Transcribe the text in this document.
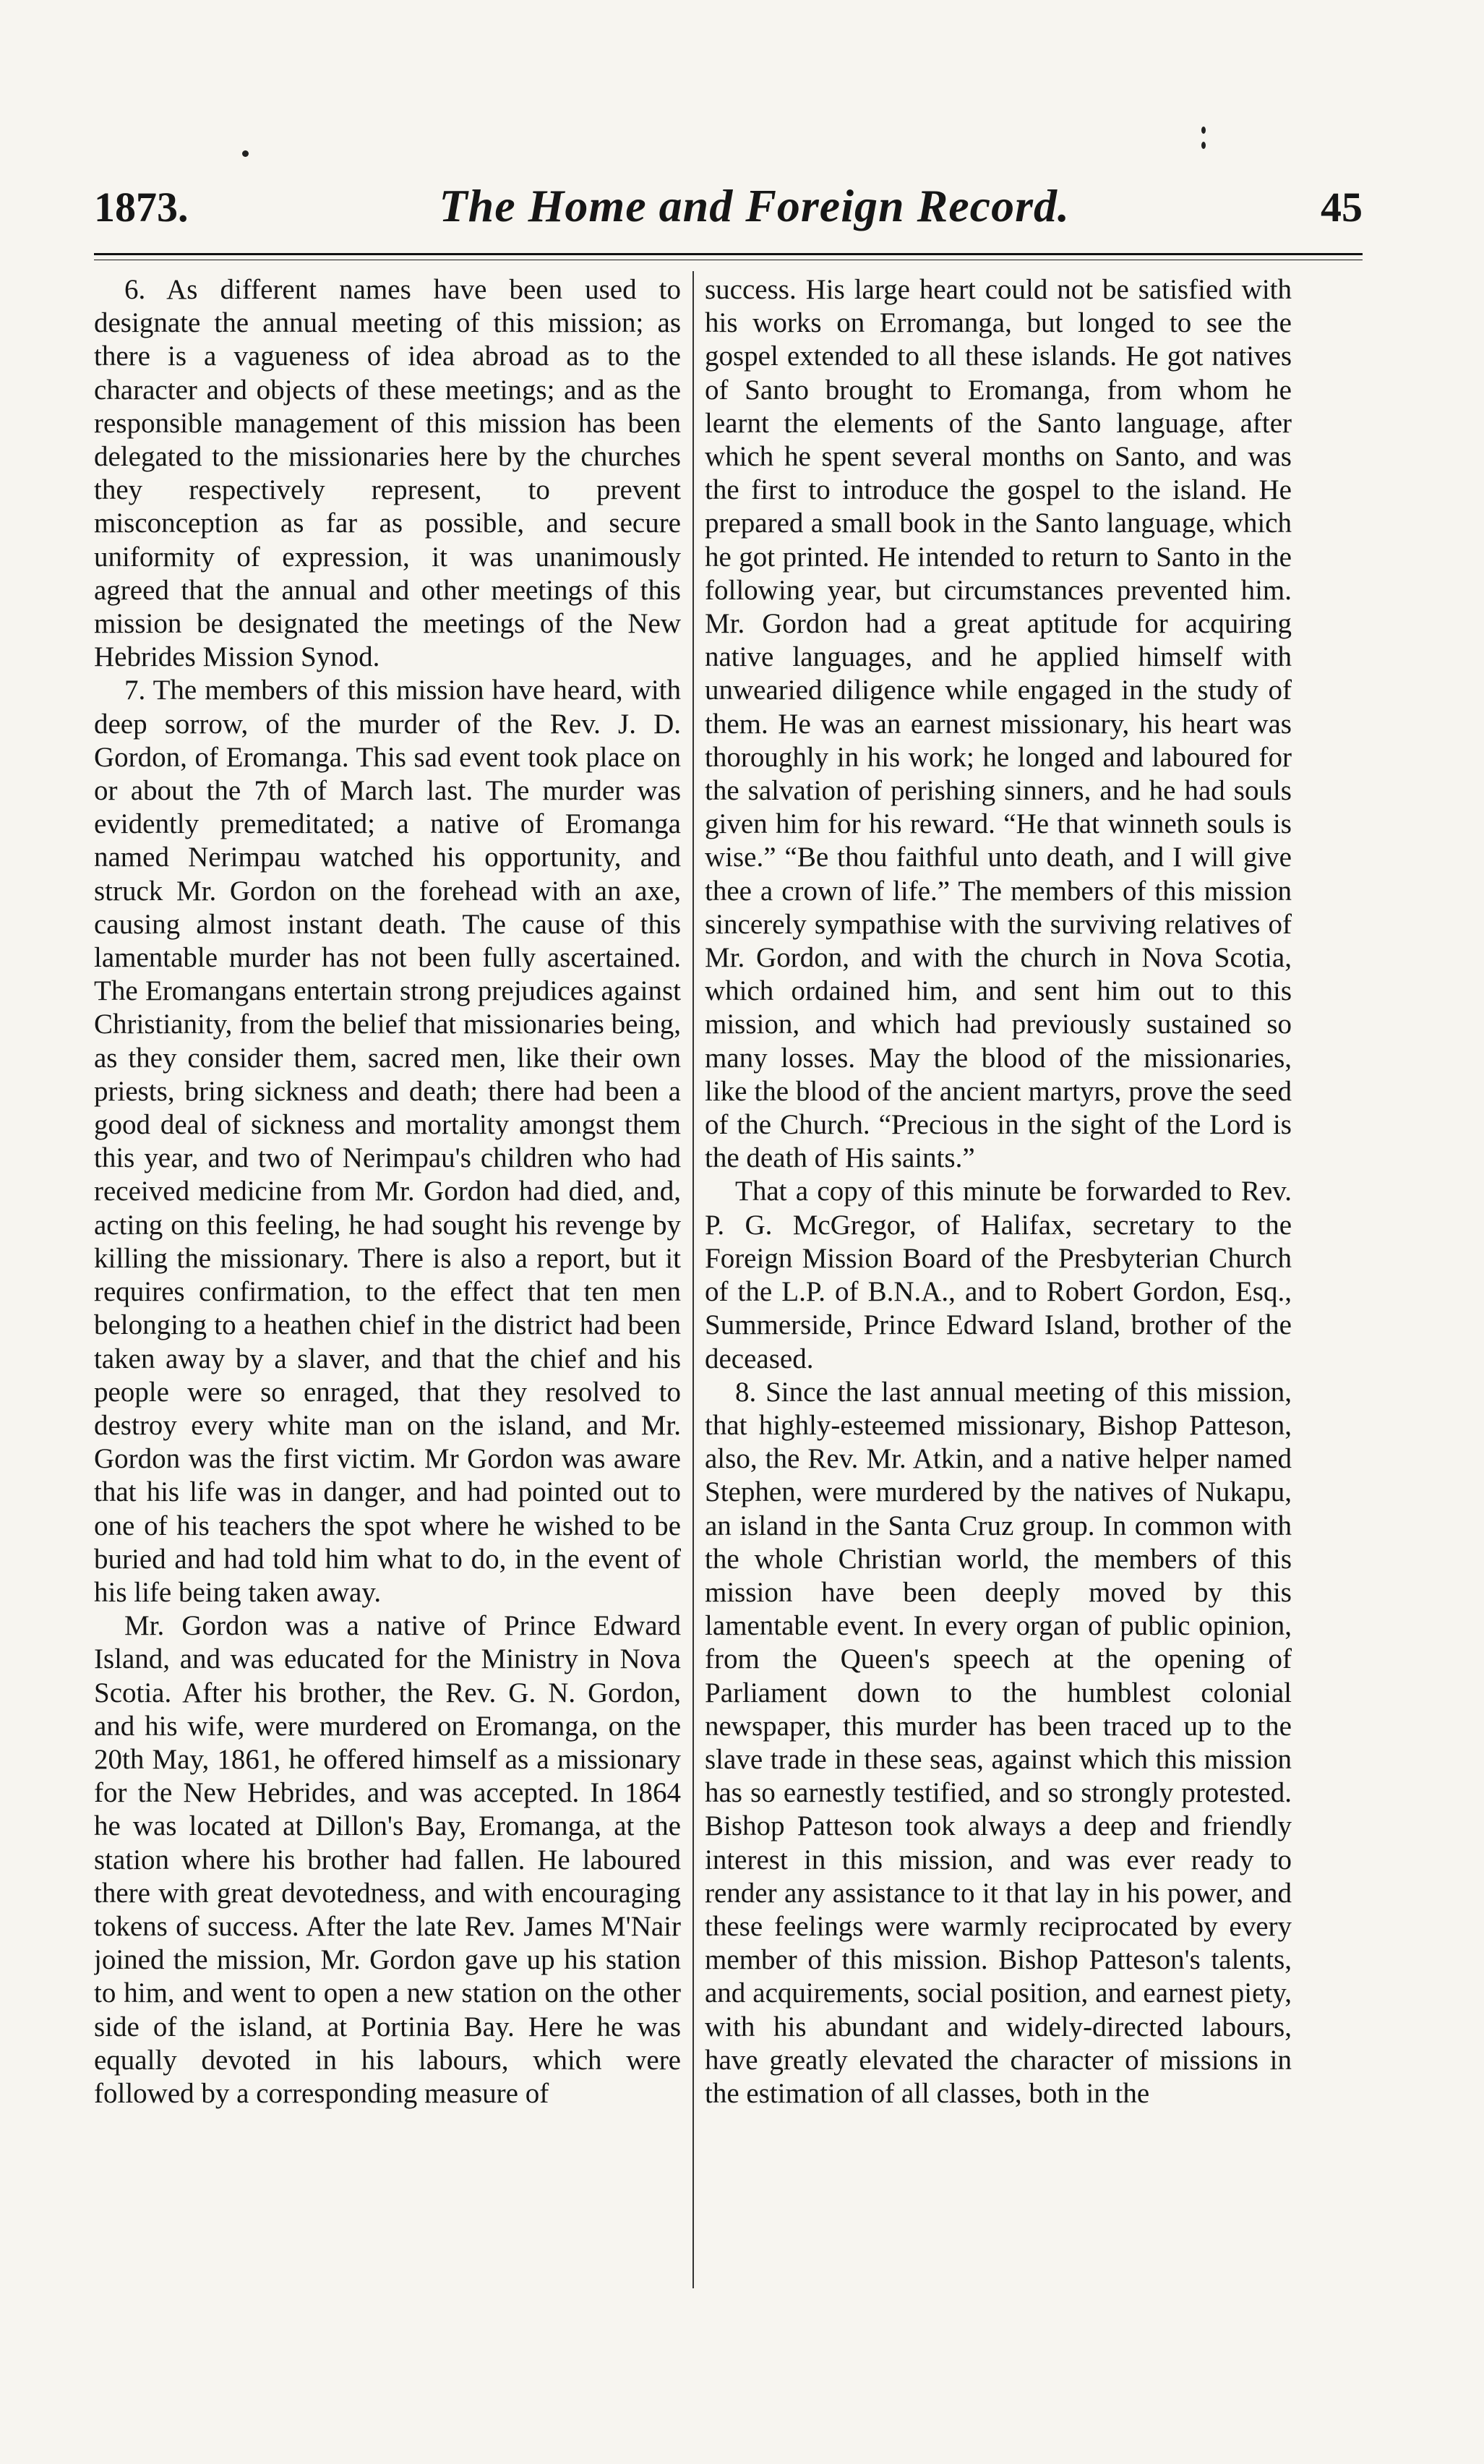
1873.	The Home and Foreign Record.	45

6. As different names have been used to designate the annual meeting of this mission; as there is a vagueness of idea abroad as to the character and objects of these meetings; and as the responsible management of this mission has been delegated to the missionaries here by the churches they respectively represent, to prevent misconception as far as possible, and secure uniformity of expression, it was unanimously agreed that the annual and other meetings of this mission be designated the meetings of the New Hebrides Mission Synod.

7. The members of this mission have heard, with deep sorrow, of the murder of the Rev. J. D. Gordon, of Eromanga. This sad event took place on or about the 7th of March last. The murder was evidently premeditated; a native of Eromanga named Nerimpau watched his opportunity, and struck Mr. Gordon on the forehead with an axe, causing almost instant death. The cause of this lamentable murder has not been fully ascertained. The Eromangans entertain strong prejudices against Christianity, from the belief that missionaries being, as they consider them, sacred men, like their own priests, bring sickness and death; there had been a good deal of sickness and mortality amongst them this year, and two of Nerimpau's children who had received medicine from Mr. Gordon had died, and, acting on this feeling, he had sought his revenge by killing the missionary. There is also a report, but it requires confirmation, to the effect that ten men belonging to a heathen chief in the district had been taken away by a slaver, and that the chief and his people were so enraged, that they resolved to destroy every white man on the island, and Mr. Gordon was the first victim. Mr Gordon was aware that his life was in danger, and had pointed out to one of his teachers the spot where he wished to be buried and had told him what to do, in the event of his life being taken away.

Mr. Gordon was a native of Prince Edward Island, and was educated for the Ministry in Nova Scotia. After his brother, the Rev. G. N. Gordon, and his wife, were murdered on Eromanga, on the 20th May, 1861, he offered himself as a missionary for the New Hebrides, and was accepted. In 1864 he was located at Dillon's Bay, Eromanga, at the station where his brother had fallen. He laboured there with great devotedness, and with encouraging tokens of success. After the late Rev. James M'Nair joined the mission, Mr. Gordon gave up his station to him, and went to open a new station on the other side of the island, at Portinia Bay. Here he was equally devoted in his labours, which were followed by a corresponding measure of

success. His large heart could not be satisfied with his works on Erromanga, but longed to see the gospel extended to all these islands. He got natives of Santo brought to Eromanga, from whom he learnt the elements of the Santo language, after which he spent several months on Santo, and was the first to introduce the gospel to the island. He prepared a small book in the Santo language, which he got printed. He intended to return to Santo in the following year, but circumstances prevented him. Mr. Gordon had a great aptitude for acquiring native languages, and he applied himself with unwearied diligence while engaged in the study of them. He was an earnest missionary, his heart was thoroughly in his work; he longed and laboured for the salvation of perishing sinners, and he had souls given him for his reward. “He that winneth souls is wise.” “Be thou faithful unto death, and I will give thee a crown of life.” The members of this mission sincerely sympathise with the surviving relatives of Mr. Gordon, and with the church in Nova Scotia, which ordained him, and sent him out to this mission, and which had previously sustained so many losses. May the blood of the missionaries, like the blood of the ancient martyrs, prove the seed of the Church. “Precious in the sight of the Lord is the death of His saints.”

That a copy of this minute be forwarded to Rev. P. G. McGregor, of Halifax, secretary to the Foreign Mission Board of the Presbyterian Church of the L.P. of B.N.A., and to Robert Gordon, Esq., Summerside, Prince Edward Island, brother of the deceased.

8. Since the last annual meeting of this mission, that highly-esteemed missionary, Bishop Patteson, also, the Rev. Mr. Atkin, and a native helper named Stephen, were murdered by the natives of Nukapu, an island in the Santa Cruz group. In common with the whole Christian world, the members of this mission have been deeply moved by this lamentable event. In every organ of public opinion, from the Queen's speech at the opening of Parliament down to the humblest colonial newspaper, this murder has been traced up to the slave trade in these seas, against which this mission has so earnestly testified, and so strongly protested. Bishop Patteson took always a deep and friendly interest in this mission, and was ever ready to render any assistance to it that lay in his power, and these feelings were warmly reciprocated by every member of this mission. Bishop Patteson's talents, and acquirements, social position, and earnest piety, with his abundant and widely-directed labours, have greatly elevated the character of missions in the estimation of all classes, both in the
